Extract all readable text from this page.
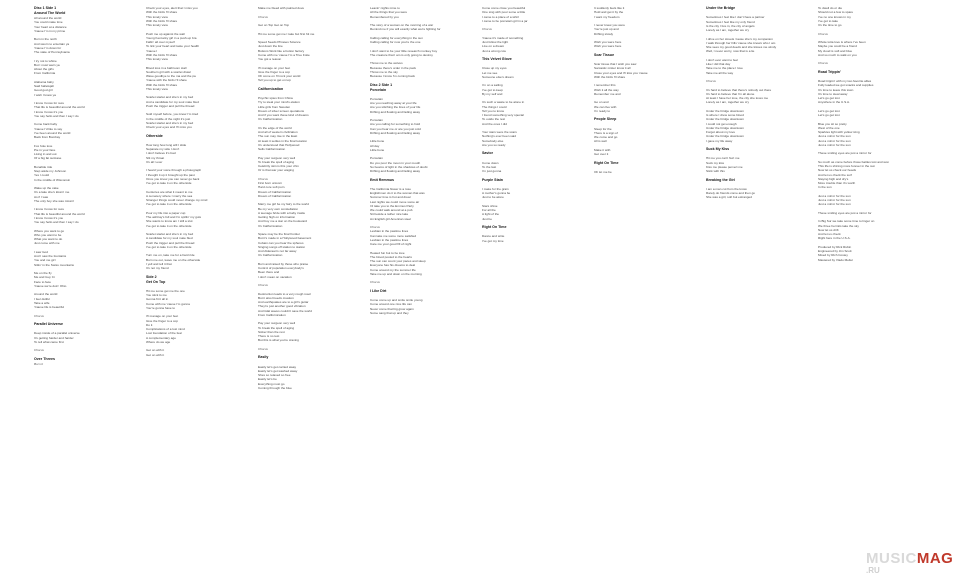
Disc 1 Side 1
Around The World
All around the world
You could make time
Your heart at a distance
'Cause I'm in my prime
Born in the north
And sworn to entertain ya
'Cause I'm down for
The state of Pennsylvania
I try not to whine
But I must warn ya
About the girls
From California
Alabama baby
Said hallelujah
Good god girl
I wish I knew ya
I know I know for sure
That life is beautiful around the world
I know I know it's you
You say hello and then I say I do
Come back baby
'Cause I'd like to say
I've been around the world
Back from Bombay
Fox hole love
Pie in your face
Living in and out
Of a big fat suitcase
Bonafide ride
Step aside my Johnson
Yes I could
In the middle of Wisconsin
Wake up the cake
It's a lake she's kissin' me
As if I was
The only boy she was missin'
I know I know for sure
That life is beautiful around the world
I know I know it's you
You say hello and then I say I do
Where you want to go
Who you want to be
What you want to do
Just come with me
I saw God
And I saw the fountains
You and me girl
Sittin' in the Swiss mountains
Me on the fly
Me and Guy Ci
Face to face
'Cause we're doin' Ohio
Around the world
I feel dutiful
Take a wife
'Cause life is beautiful
Chorus
Parallel Universe
Deep inside of a parallel universe
It's getting harder and harder
To tell what came first
Chorus
Over Threes
Burn it
Check your eyes, alert that I miss you
With the birds I'll share
This lonely view
With the birds I'll share
This lonely view
Push me up against the wall
Young Kentucky girl in a push-up bra
Fallin' all over myself
To lick your heart and taste your health
'Cause I
With the birds I'll share
This lonely view
Blood loss in a bathroom stall
Southern girl with a scarlet drawl
Wave goodbye to the ma and the pa
'Cause with the birds I'll share
With the birds I'll share
This lonely view
Scarlet starlet and she's in my bed
And a candidate for my soul mate bled
Push the trigger and pull the thread
Sold myself before, you know I'm tired
In the middle of the night it's just
Scarlet starlet and she's in my bed
Check your eyes and I'll miss you
Otherside
How long how long will I slide
Separate my side I don't
I don't believe it's bad
Slit my throat
It's all I ever
I heard your voice through a photograph
I thought it up it brought up the past
Once you know you can never go back
I've got to take it on the otherside
Centuries are what it meant to me
A cemetery where I marry the sea
Stranger things could never change my mind
I've got to take it on the otherside
Pour my life into a paper cup
The ashtray's full and I'm spillin' my guts
She wants to know am I still a slut
I've got to take it on the otherside
Scarlet starlet and she's in my bed
A candidate for my soul mate bled
Push the trigger and pull the thread
I've got to take it on the otherside
Turn me on, take me for a hard ride
Burn me out, leave me on the otherside
I yell and tell it that
It's not my friend
Side 2
Get On Top
Hit me some get me the one
You stick to me
Gonna fit it all in
Come with me 'cause I'm gonna
You're gonna have to
I'll manage on your feet
Give the finger to a cop
Do it
Complications of a lost mind
Lost foundation of the fear
A complementary age
Where do we age
Get on with it
Get on with it
Make me bleed with painted dove
Chorus
Get on Top Get on Top
Hit me some get me I take but first hit me
Speed Seeds Phrases Science
Just down the line
Buttons Work like a button factory
Come with me 'cause I'm a True Fotie
You got a reason
I'll manage on your feet
Give the finger to a cop
Oh come on I'll rock your world
Tell you up to get on top
Californication
Psychic spies from China
Try to steal your mind's elation
Little girls from Sweden
Dream of silver screen quotations
And if you want these kind of dreams
It's Californication
It's the edge of the world
And all of western civilization
The sun may rise in the East
At least it settles in the final location
It's understood that Hollywood
Sells Californication
Pay your surgeon very well
To break the spell of aging
Celebrity skin is this your chin
Or is that war your waging
Chorus
First born unicorn
Hard core soft porn
Dream of Californication
Dream of Californication
Marry me girl be my fairy to the world
Be my very own constellation
A teenage bride with a baby inside
Getting high on information
And buy me a star on the boulevard
It's Californication
Space may be the final frontier
But it's made in a Hollywood basement
Cobain can you hear the spheres
Singing songs off station to station
And Alderaan's not far away
It's Californication
Born and raised by those who praise
Control of population everybody's
Been there and
I don't mean on vacation
Chorus
Destruction leads to a very rough road
But it also breeds creation
And earthquakes are to a girl's guitar
They're just another good vibration
And tidal waves couldn't save the world
From Californication
Pay your surgeon very well
To break the spell of aging
Sicker than the rest
There is no test
But this is what you're craving
Chorus
Easily
Easily let's get carried away
Easily let's get washed away
Shes so relaxed so free
Easily let's be
Everything must go
Coming through the blue
Leavin' nights mine to
All the things that you were
Remembered by you
The story of a woman on the morning of a war
Remind me if you will exactly what we're fighting for
Calling calling for everything in the sun
Calling calling for now you're the one
I don't want to be your little research monkey boy
The creature that I am is only going to destroy
Throw me to the wolves
Because there's order in the pack
Throw me to the sky
Because I know I'm coming back
Disc 2 Side 1
Porcelain
Porcelain
Are you reaching away at your life
Are you stitching the lines of your life
Drifting and floating and fading away
Porcelain
Are you calling for something to hold
Can you hear me or are you just cold
Drifting and floating and fading away
Little bone
All day
Little bone
Porcelain
Do you pour the moon in your mouth
So beams of light in the shadows of doubt
Drifting and floating and fading away
Emit Remmus
The California flower is a rose
Englishmen do it to the woman that was
Summer time is hot and drear
Last nights we could move some air
I'd take you to the Emmus Party
We could walk around at a pub
Sit beside a rather nice lake
An English girl American steel
Chorus
Lesbian in the pastime lines
Can take me some more satisfied
Lesbian in the pastime lines
Care me your good fill of night
Heated fun but to be love
The blood pooled to the hearts
The sun can count your paces and sleep
Everyone has his dreams to deal
Come around my the summer life
Take me up and down on the morning
Chorus
I Like Dirt
Come come up and smile smile young
Come around one nice life can
Never come that big grow again
Some sang that up and they
Come come close you beautiful
One sing with pour some a little
I came to a place of a whirl
I came to be porcelain girl in a jar
Chorus
'Cause it's made of something
Just follow the light
Live on a dream
Just a wrong cow
This Velvet Glove
Close up my eyes
Let me see
Someone else's dream
I'm on a sailing
I've got to keep
By my self and
It's such a waste to be alone in
The things I could
Tell you to know
I found something very special
To outdo the rest
And the ones I did
Your stars were the scars
Nothing's ever been said
Somebody else
Are you so ready
Savior
Come down
To the last
I'm just gonna
Purple Stain
I make for the grain
A mother's gonna be
Just to be alone
Stars shine
For all the
A light of the
Just be
Right On Time
Dance and write
I've got my time
It suddenly feels like it
Hold and get it by the
I want my freedom
I never knew you were
You're just up and
Drifting slowly
Wish you were here
Wish you were here
Scar Tissue
Scar tissue that I wish you saw
Sarcastic mister know it all
Close your eyes and I'll kiss you 'cause
With the birds I'll share
I remember this
Wish it all the way
Remember me and
Go on and
We can live with
I'm ready to
People Sleep
Sleep for the
There is a sign of
We come and go
All is well
Make it with
Get over it
Right On Time
Oh let me be
Under the Bridge
Sometimes I feel like I don't have a partner
Sometimes I feel like my only friend
Is the city I live in, the city of angels
Lonely as I am, together we cry
I drive on her streets 'cause she's my companion
I walk through her hills 'cause she knows who I am
She sees my good deeds and she kisses me windy
Well, I never worry, now that is a lie
I don't ever want to feel
Like I did that day
Take me to the place I love
Take me all the way
Chorus
It's hard to believe that there's nobody out there
It's hard to believe that I'm all alone
At least I have her love, the city she loves me
Lonely as I am, together we cry
Under the bridge downtown
Is where I drew some blood
Under the bridge downtown
I could not get enough
Under the bridge downtown
Forgot about my love
Under the bridge downtown
I gave my life away
Suck My Kiss
Hit me you can't hurt me
Suck my kiss
Kiss me please pervert me
Stick with this
Breaking the Girl
I am a man cut from the know
Rarely do friends come and then go
She was a girl, soft but estranged
To dwell do or die
Should not a few to spare
I've no one knows in my
I've got to take
It's the time to go
Chorus
Whole lotta love is where I've been
Maybe you could be a friend
My cloud is soft and blue
And so much to walk on you
Chorus
Road Trippin'
Road trippin' with my two favorite allies
Fully loaded we got snacks and supplies
It's time to leave this town
It's time to steal away
Let's go get lost
Anywhere in the U.S.A.
Let's go get lost
Let's go get lost
Blue you sit so pretty
West of the one
Sparkles light with yellow icing
Just a mirror for the sun
Just a mirror for the sun
Just a mirror for the sun
These smiling eyes are just a mirror for
So much as come before those battles lost and won
This life is shining more forever in the sun
Now let us check our heads
And let us check the surf
Staying high and dry's
More trouble than it's worth
In the sun
Just a mirror for the sun
Just a mirror for the sun
Just a mirror for the sun
These smiling eyes are just a mirror for
In Big Sur we take some time to linger on
We three hermits take the sky
Now let us drift
And let us check
Right here in the U.S.A.
Produced by Rick Rubin
Engineered by Jim Scott
Mixed by Rich Costey
Mastered by Vlado Meller
MUSICMAG
.RU
